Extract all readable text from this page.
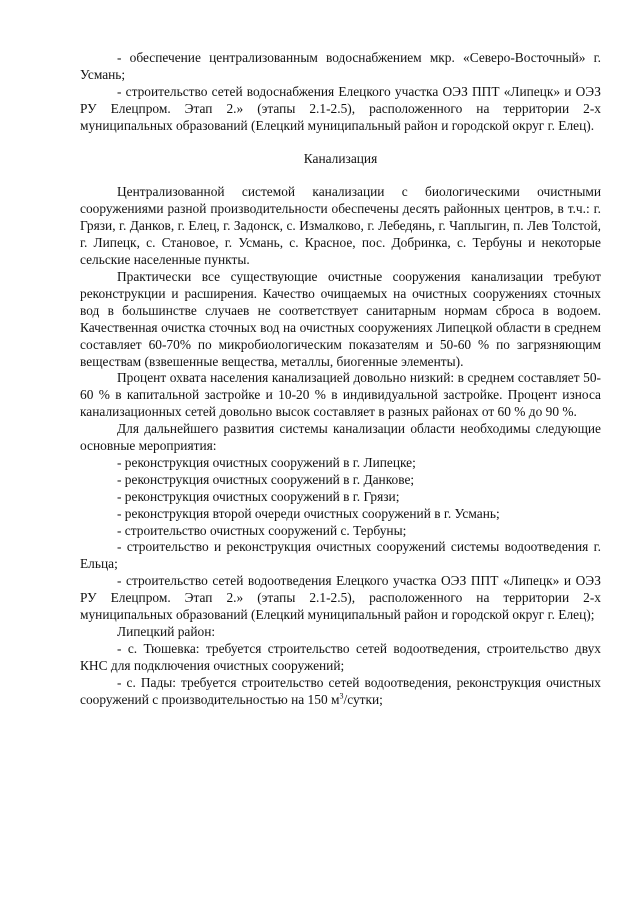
- обеспечение централизованным водоснабжением мкр. «Северо-Восточный» г. Усмань;

- строительство сетей водоснабжения Елецкого участка ОЭЗ ППТ «Липецк» и ОЭЗ РУ Елецпром. Этап 2.» (этапы 2.1-2.5), расположенного на территории 2-х муниципальных образований (Елецкий муниципальный район и городской округ г. Елец).

Канализация

Централизованной системой канализации с биологическими очистными сооружениями разной производительности обеспечены десять районных центров, в т.ч.: г. Грязи, г. Данков, г. Елец, г. Задонск, с. Измалково, г. Лебедянь, г. Чаплыгин, п. Лев Толстой, г. Липецк, с. Становое, г. Усмань, с. Красное, пос. Добринка, с. Тербуны и некоторые сельские населенные пункты.

Практически все существующие очистные сооружения канализации требуют реконструкции и расширения. Качество очищаемых на очистных сооружениях сточных вод в большинстве случаев не соответствует санитарным нормам сброса в водоем. Качественная очистка сточных вод на очистных сооружениях Липецкой области в среднем составляет 60-70% по микробиологическим показателям и 50-60 % по загрязняющим веществам (взвешенные вещества, металлы, биогенные элементы).

Процент охвата населения канализацией довольно низкий: в среднем составляет 50-60 % в капитальной застройке и 10-20 % в индивидуальной застройке. Процент износа канализационных сетей довольно высок составляет в разных районах от 60 % до 90 %.

Для дальнейшего развития системы канализации области необходимы следующие основные мероприятия:

- реконструкция очистных сооружений в г. Липецке;

- реконструкция очистных сооружений в г. Данкове;

- реконструкция очистных сооружений в г. Грязи;

- реконструкция второй очереди очистных сооружений в г. Усмань;

- строительство очистных сооружений с. Тербуны;

- строительство и реконструкция очистных сооружений системы водоотведения г. Ельца;

- строительство сетей водоотведения Елецкого участка ОЭЗ ППТ «Липецк» и ОЭЗ РУ Елецпром. Этап 2.» (этапы 2.1-2.5), расположенного на территории 2-х муниципальных образований (Елецкий муниципальный район и городской округ г. Елец);

Липецкий район:

- с. Тюшевка: требуется строительство сетей водоотведения, строительство двух КНС для подключения очистных сооружений;

- с. Пады: требуется строительство сетей водоотведения, реконструкция очистных сооружений с производительностью на 150 $м^3$/сутки;
